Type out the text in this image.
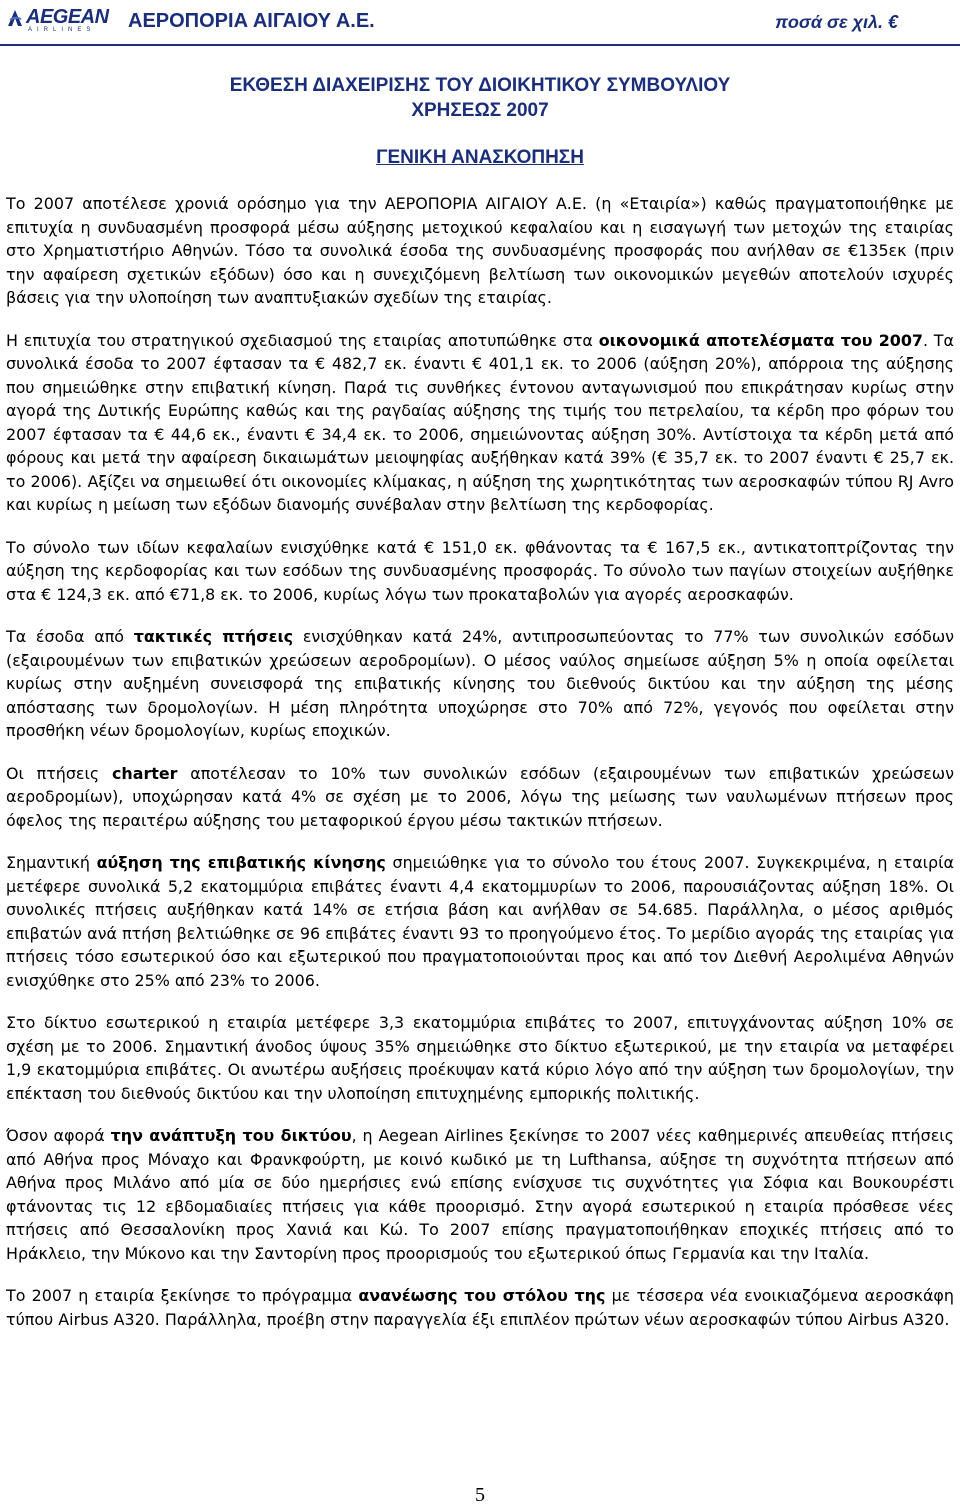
AEGEAN
AIRLINES ΑΕΡΟΠΟΡΙΑ ΑΙΓΑΙΟΥ Α.Ε.	ποσά σε χιλ. €
ΕΚΘΕΣΗ ΔΙΑΧΕΙΡΙΣΗΣ ΤΟΥ ΔΙΟΙΚΗΤΙΚΟΥ ΣΥΜΒΟΥΛΙΟΥ
ΧΡΗΣΕΩΣ 2007
ΓΕΝΙΚΗ ΑΝΑΣΚΟΠΗΣΗ

Το 2007 αποτέλεσε χρονιά ορόσημο για την ΑΕΡΟΠΟΡΙΑ ΑΙΓΑΙΟΥ Α.Ε. (η «Εταιρία») καθώς πραγματοποιήθηκε με επιτυχία η συνδυασμένη προσφορά μέσω αύξησης μετοχικού κεφαλαίου και η εισαγωγή των μετοχών της εταιρίας στο Χρηματιστήριο Αθηνών. Τόσο τα συνολικά έσοδα της συνδυασμένης προσφοράς που ανήλθαν σε €135εκ (πριν την αφαίρεση σχετικών εξόδων) όσο και η συνεχιζόμενη βελτίωση των οικονομικών μεγεθών αποτελούν ισχυρές βάσεις για την υλοποίηση των αναπτυξιακών σχεδίων της εταιρίας.

Η επιτυχία του στρατηγικού σχεδιασμού της εταιρίας αποτυπώθηκε στα οικονομικά αποτελέσματα του 2007. Τα συνολικά έσοδα το 2007 έφτασαν τα € 482,7 εκ. έναντι € 401,1 εκ. το 2006 (αύξηση 20%), απόρροια της αύξησης που σημειώθηκε στην επιβατική κίνηση. Παρά τις συνθήκες έντονου ανταγωνισμού που επικράτησαν κυρίως στην αγορά της Δυτικής Ευρώπης καθώς και της ραγδαίας αύξησης της τιμής του πετρελαίου, τα κέρδη προ φόρων του 2007 έφτασαν τα € 44,6 εκ., έναντι € 34,4 εκ. το 2006, σημειώνοντας αύξηση 30%. Αντίστοιχα τα κέρδη μετά από φόρους και μετά την αφαίρεση δικαιωμάτων μειοψηφίας αυξήθηκαν κατά 39% (€ 35,7 εκ. το 2007 έναντι € 25,7 εκ. το 2006). Αξίζει να σημειωθεί ότι οικονομίες κλίμακας, η αύξηση της χωρητικότητας των αεροσκαφών τύπου RJ Avro και κυρίως η μείωση των εξόδων διανομής συνέβαλαν στην βελτίωση της κερδοφορίας.

Το σύνολο των ιδίων κεφαλαίων ενισχύθηκε κατά € 151,0 εκ. φθάνοντας τα € 167,5 εκ., αντικατοπτρίζοντας την αύξηση της κερδοφορίας και των εσόδων της συνδυασμένης προσφοράς. Το σύνολο των παγίων στοιχείων αυξήθηκε στα € 124,3 εκ. από €71,8 εκ. το 2006, κυρίως λόγω των προκαταβολών για αγορές αεροσκαφών.

Τα έσοδα από τακτικές πτήσεις ενισχύθηκαν κατά 24%, αντιπροσωπεύοντας το 77% των συνολικών εσόδων (εξαιρουμένων των επιβατικών χρεώσεων αεροδρομίων). Ο μέσος ναύλος σημείωσε αύξηση 5% η οποία οφείλεται κυρίως στην αυξημένη συνεισφορά της επιβατικής κίνησης του διεθνούς δικτύου και την αύξηση της μέσης απόστασης των δρομολογίων. Η μέση πληρότητα υποχώρησε στο 70% από 72%, γεγονός που οφείλεται στην προσθήκη νέων δρομολογίων, κυρίως εποχικών.

Οι πτήσεις charter αποτέλεσαν το 10% των συνολικών εσόδων (εξαιρουμένων των επιβατικών χρεώσεων αεροδρομίων), υποχώρησαν κατά 4% σε σχέση με το 2006, λόγω της μείωσης των ναυλωμένων πτήσεων προς όφελος της περαιτέρω αύξησης του μεταφορικού έργου μέσω τακτικών πτήσεων.

Σημαντική αύξηση της επιβατικής κίνησης σημειώθηκε για το σύνολο του έτους 2007. Συγκεκριμένα, η εταιρία μετέφερε συνολικά 5,2 εκατομμύρια επιβάτες έναντι 4,4 εκατομμυρίων το 2006, παρουσιάζοντας αύξηση 18%. Οι συνολικές πτήσεις αυξήθηκαν κατά 14% σε ετήσια βάση και ανήλθαν σε 54.685. Παράλληλα, ο μέσος αριθμός επιβατών ανά πτήση βελτιώθηκε σε 96 επιβάτες έναντι 93 το προηγούμενο έτος. Το μερίδιο αγοράς της εταιρίας για πτήσεις τόσο εσωτερικού όσο και εξωτερικού που πραγματοποιούνται προς και από τον Διεθνή Αερολιμένα Αθηνών ενισχύθηκε στο 25% από 23% το 2006.

Στο δίκτυο εσωτερικού η εταιρία μετέφερε 3,3 εκατομμύρια επιβάτες το 2007, επιτυγχάνοντας αύξηση 10% σε σχέση με το 2006. Σημαντική άνοδος ύψους 35% σημειώθηκε στο δίκτυο εξωτερικού, με την εταιρία να μεταφέρει 1,9 εκατομμύρια επιβάτες. Οι ανωτέρω αυξήσεις προέκυψαν κατά κύριο λόγο από την αύξηση των δρομολογίων, την επέκταση του διεθνούς δικτύου και την υλοποίηση επιτυχημένης εμπορικής πολιτικής.

Όσον αφορά την ανάπτυξη του δικτύου, η Aegean Airlines ξεκίνησε το 2007 νέες καθημερινές απευθείας πτήσεις από Αθήνα προς Μόναχο και Φρανκφούρτη, με κοινό κωδικό με τη Lufthansa, αύξησε τη συχνότητα πτήσεων από Αθήνα προς Μιλάνο από μία σε δύο ημερήσιες ενώ επίσης ενίσχυσε τις συχνότητες για Σόφια και Βουκουρέστι φτάνοντας τις 12 εβδομαδιαίες πτήσεις για κάθε προορισμό. Στην αγορά εσωτερικού η εταιρία πρόσθεσε νέες πτήσεις από Θεσσαλονίκη προς Χανιά και Κώ. Το 2007 επίσης πραγματοποιήθηκαν εποχικές πτήσεις από το Ηράκλειο, την Μύκονο και την Σαντορίνη προς προορισμούς του εξωτερικού όπως Γερμανία και την Ιταλία.

Το 2007 η εταιρία ξεκίνησε το πρόγραμμα ανανέωσης του στόλου της με τέσσερα νέα ενοικιαζόμενα αεροσκάφη τύπου Airbus A320. Παράλληλα, προέβη στην παραγγελία έξι επιπλέον πρώτων νέων αεροσκαφών τύπου Airbus A320.

5
